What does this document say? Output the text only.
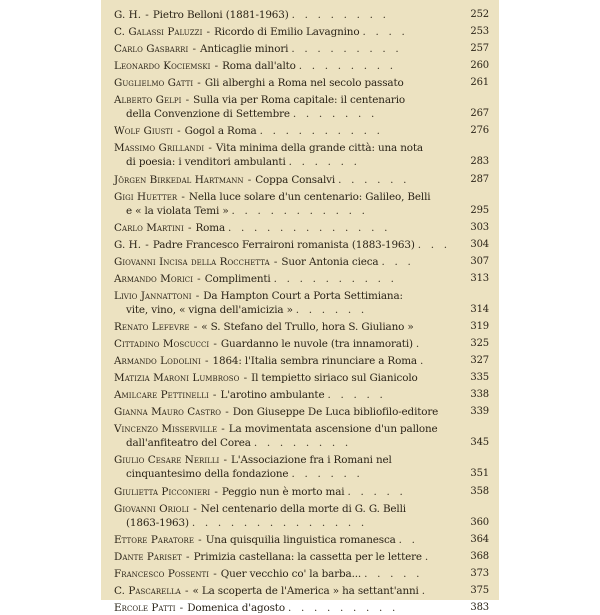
G. H. - Pietro Belloni (1881-1963) . . . . . . . .	252
C. Galassi Paluzzi - Ricordo di Emilio Lavagnino . . . .	253
Carlo Gasbarri - Anticaglie minori . . . . . . . . .	257
Leonardo Kociemski - Roma dall'alto . . . . . . . .	260
Guglielmo Gatti - Gli alberghi a Roma nel secolo passato	261
Alberto Gelpi - Sulla via per Roma capitale: il centenario
della Convenzione di Settembre . . . . . . .	267
Wolf Giusti - Gogol a Roma . . . . . . . . . .	276
Massimo Grillandi - Vita minima della grande città: una nota
di poesia: i venditori ambulanti . . . . . .	283
Jörgen Birkedal Hartmann - Coppa Consalvi . . . . . .	287
Gigi Huetter - Nella luce solare d'un centenario: Galileo, Belli
e « la violata Temi » . . . . . . . . . . .	295
Carlo Martini - Roma . . . . . . . . . . . . .	303
G. H. - Padre Francesco Ferraironi romanista (1883-1963) . . .	304
Giovanni Incisa della Rocchetta - Suor Antonia cieca . . .	307
Armando Morici - Complimenti . . . . . . . . . .	313
Livio Jannattoni - Da Hampton Court a Porta Settimiana:
vite, vino, « vigna dell'amicizia » . . . . . .	314
Renato Lefevre - « S. Stefano del Trullo, hora S. Giuliano »	319
Cittadino Moscucci - Guardanno le nuvole (tra innamorati) .	325
Armando Lodolini - 1864: l'Italia sembra rinunciare a Roma .	327
Matizia Maroni Lumbroso - Il tempietto siriaco sul Gianicolo	335
Amilcare Pettinelli - L'arotino ambulante . . . . .	338
Gianna Mauro Castro - Don Giuseppe De Luca bibliofilo-editore	339
Vincenzo Misserville - La movimentata ascensione d'un pallone
dall'anfiteatro del Corea . . . . . . . .	345
Giulio Cesare Nerilli - L'Associazione fra i Romani nel
cinquantesimo della fondazione . . . . . .	351
Giulietta Picconieri - Peggio nun è morto mai . . . . .	358
Giovanni Orioli - Nel centenario della morte di G. G. Belli
(1863-1963) . . . . . . . . . . . . . .	360
Ettore Paratore - Una quisquilia linguistica romanesca . .	364
Dante Pariset - Primizia castellana: la cassetta per le lettere .	368
Francesco Possenti - Quer vecchio co' la barba... . . . . .	373
C. Pascarella - « La scoperta de l'America » ha settant'anni .	375
Ercole Patti - Domenica d'agosto . . . . . . . . .	383
